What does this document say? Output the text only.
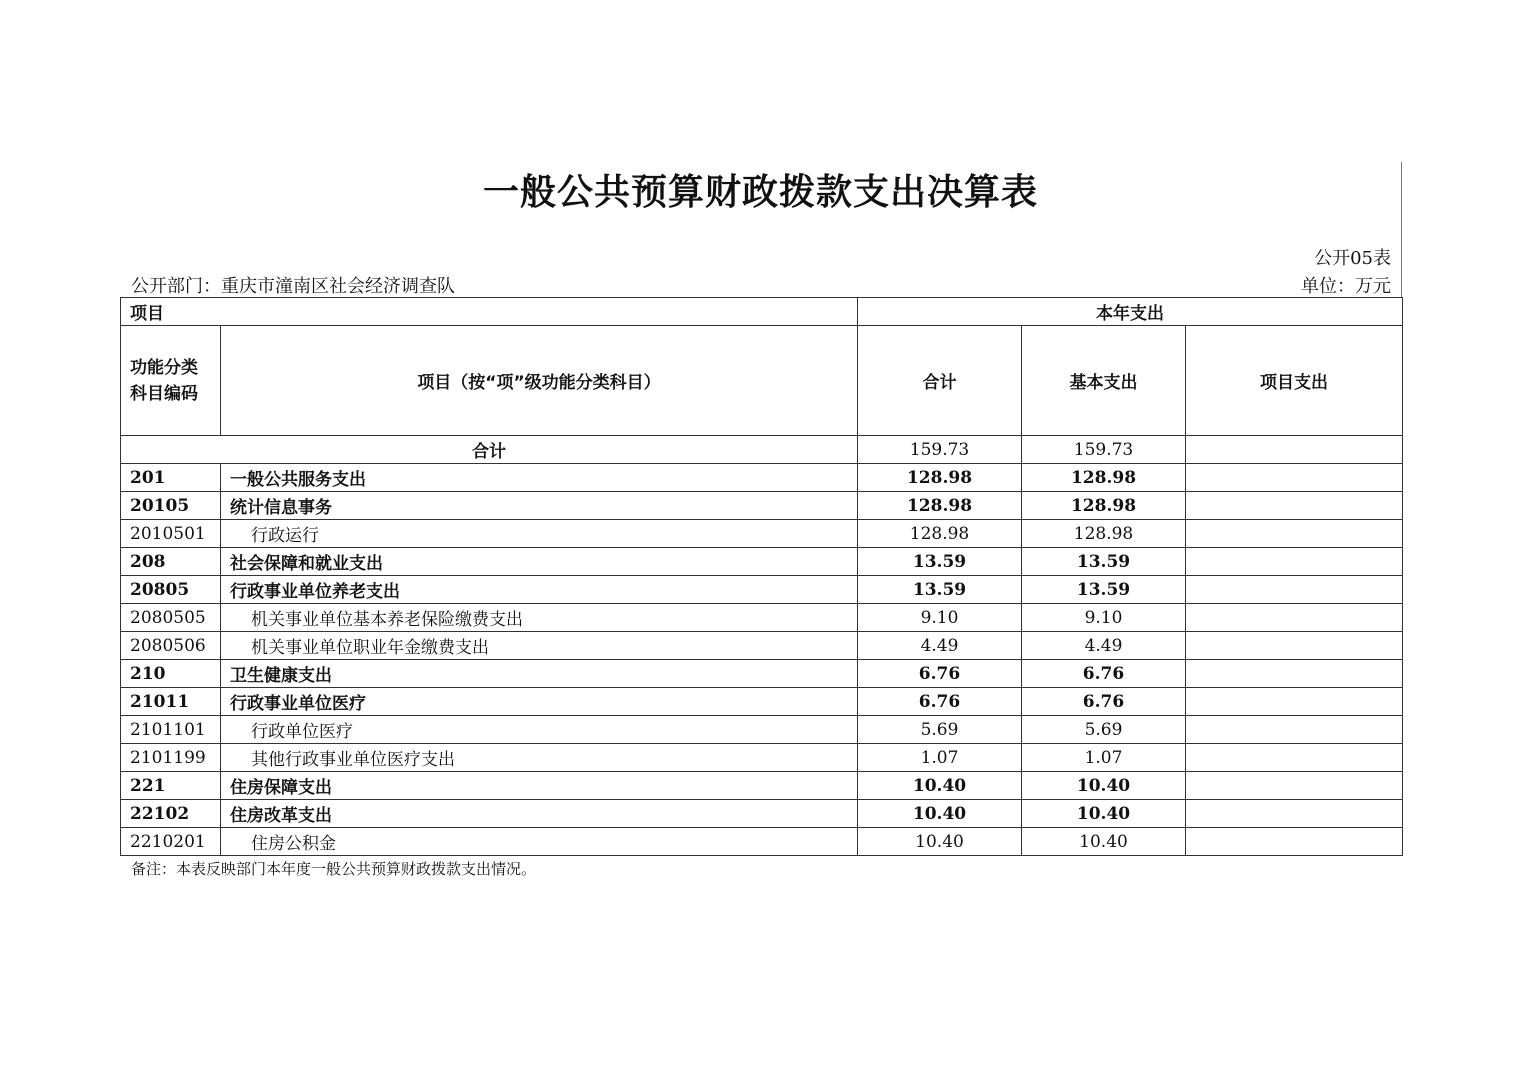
一般公共预算财政拨款支出决算表
公开05表
公开部门：重庆市潼南区社会经济调查队	单位：万元
项目		本年支出		

功能分类
科目编码	项目（按“项”级功能分类科目）	合计	基本支出	项目支出
合计		159.73	159.73	
201	一般公共服务支出	128.98	128.98	
20105	统计信息事务	128.98	128.98	
2010501	行政运行	128.98	128.98	
208	社会保障和就业支出	13.59	13.59	
20805	行政事业单位养老支出	13.59	13.59	
2080505	机关事业单位基本养老保险缴费支出	9.10	9.10	
2080506	机关事业单位职业年金缴费支出	4.49	4.49	
210	卫生健康支出	6.76	6.76	
21011	行政事业单位医疗	6.76	6.76	
2101101	行政单位医疗	5.69	5.69	
2101199	其他行政事业单位医疗支出	1.07	1.07	
221	住房保障支出	10.40	10.40	
22102	住房改革支出	10.40	10.40	
2210201	住房公积金	10.40	10.40	
备注：本表反映部门本年度一般公共预算财政拨款支出情况。
